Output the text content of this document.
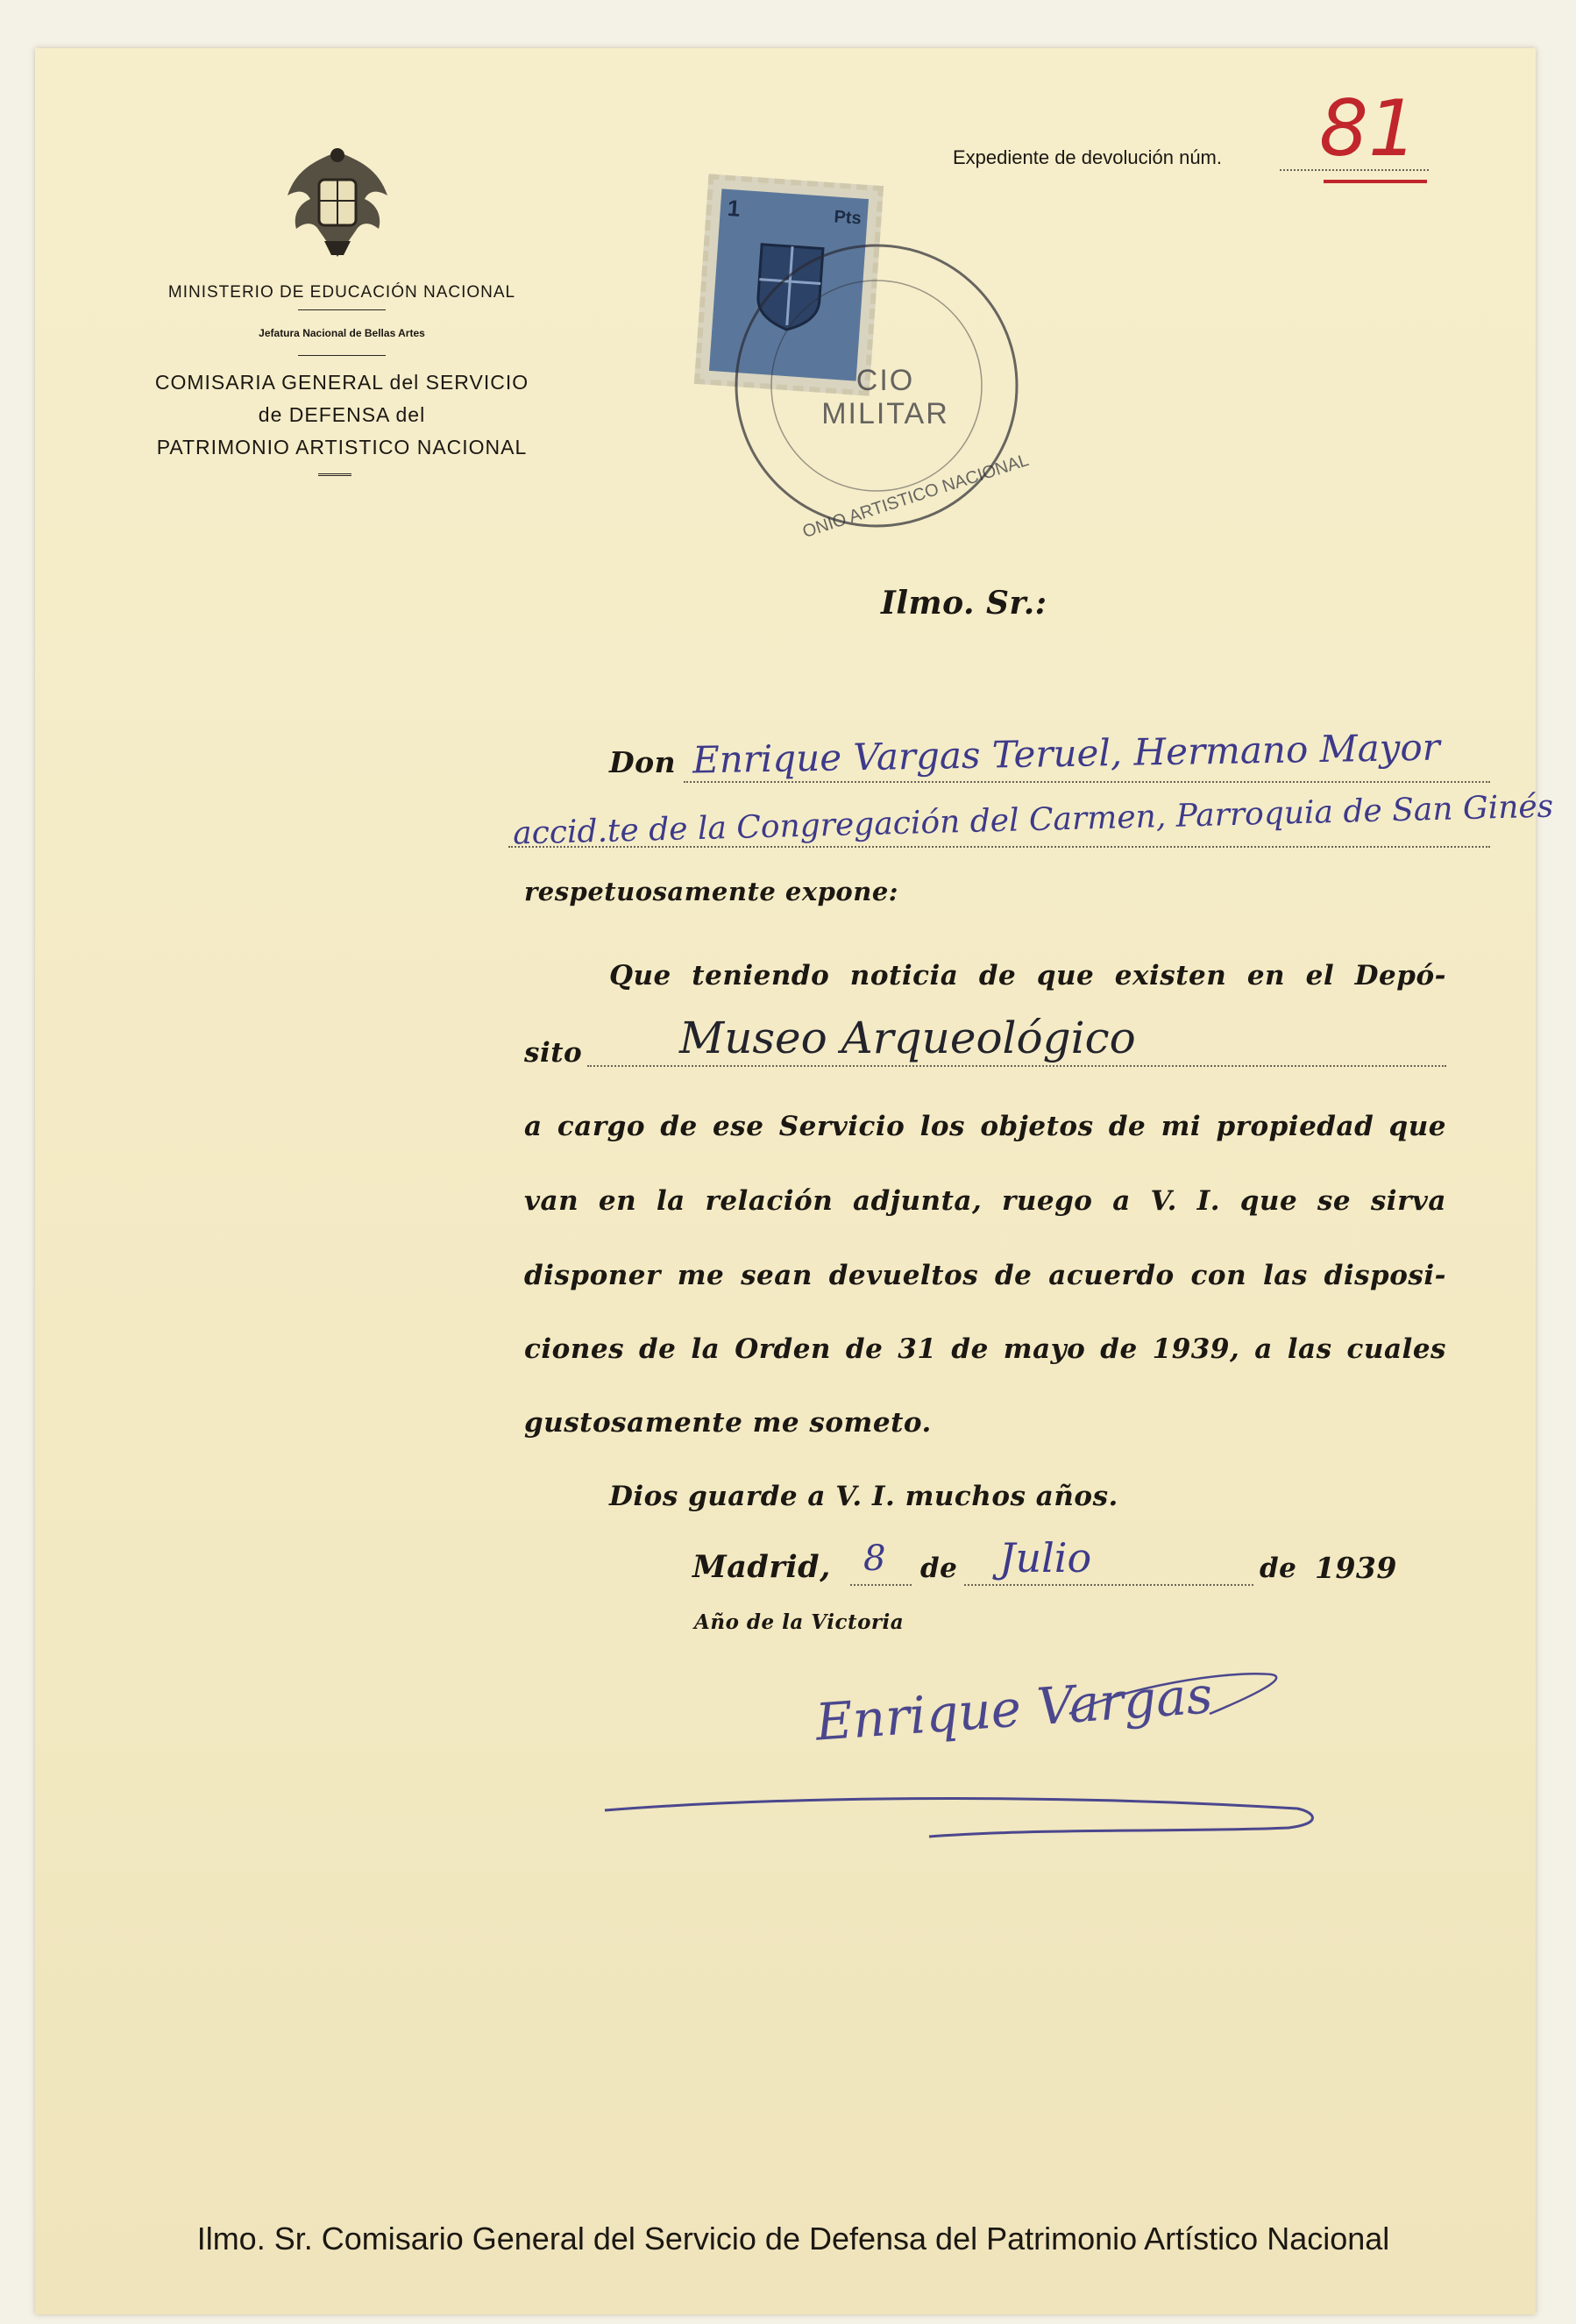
MINISTERIO DE EDUCACIÓN NACIONAL
Jefatura Nacional de Bellas Artes
COMISARIA GENERAL del SERVICIO
de DEFENSA del
PATRIMONIO ARTISTICO NACIONAL
1	Pts
CIO MILITAR
ONIO ARTISTICO NACIONAL
Expediente de devolución núm. 81
Ilmo. Sr.:
Don Enrique Vargas Teruel, Hermano Mayor
accid.te de la Congregación del Carmen, Parroquia de San Ginés
respetuosamente expone:
Que teniendo noticia de que existen en el Depó-
sito Museo Arqueológico
a cargo de ese Servicio los objetos de mi propiedad que
van en la relación adjunta, ruego a V. I. que se sirva
disponer me sean devueltos de acuerdo con las disposi-
ciones de la Orden de 31 de mayo de 1939, a las cuales
gustosamente me someto.
Dios guarde a V. I. muchos años.
Madrid, 8 de Julio	de 1939
Año de la Victoria
Enrique Vargas
Ilmo. Sr. Comisario General del Servicio de Defensa del Patrimonio Artístico Nacional
